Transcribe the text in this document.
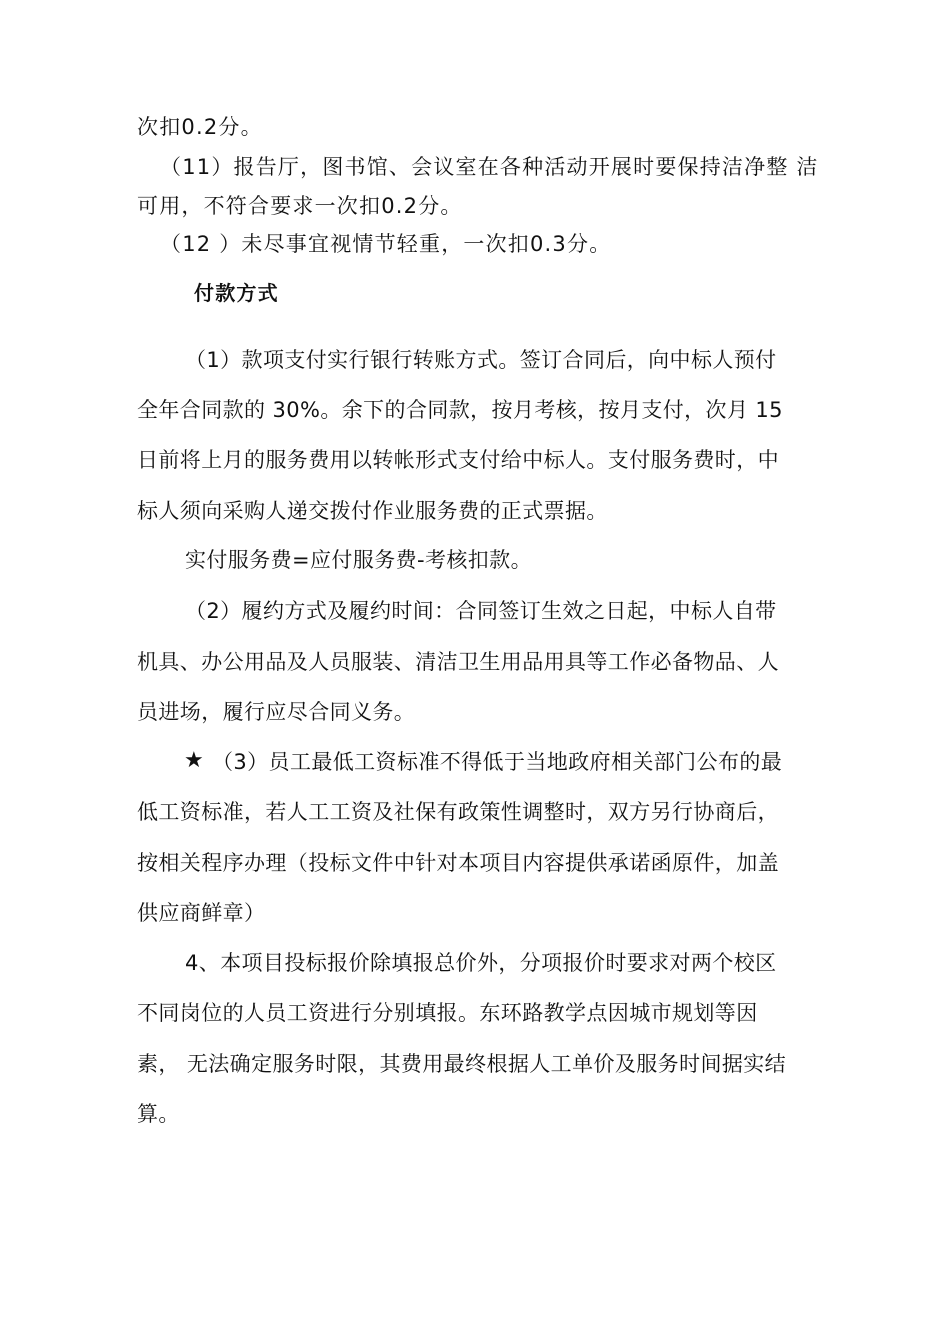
次扣0.2分。
（11）报告厅，图书馆、会议室在各种活动开展时要保持洁净整 洁
可用，不符合要求一次扣0.2分。
（12 ）未尽事宜视情节轻重，一次扣0.3分。
付款方式
（1）款项支付实行银行转账方式。签订合同后，向中标人预付
全年合同款的 30%。余下的合同款，按月考核，按月支付，次月 15
日前将上月的服务费用以转帐形式支付给中标人。支付服务费时，中
标人须向采购人递交拨付作业服务费的正式票据。
实付服务费=应付服务费-考核扣款。
（2）履约方式及履约时间：合同签订生效之日起，中标人自带
机具、办公用品及人员服装、清洁卫生用品用具等工作必备物品、人
员进场，履行应尽合同义务。
★ （3）员工最低工资标准不得低于当地政府相关部门公布的最
低工资标准，若人工工资及社保有政策性调整时，双方另行协商后，
按相关程序办理（投标文件中针对本项目内容提供承诺函原件，加盖
供应商鲜章）
4、本项目投标报价除填报总价外，分项报价时要求对两个校区
不同岗位的人员工资进行分别填报。东环路教学点因城市规划等因
素， 无法确定服务时限，其费用最终根据人工单价及服务时间据实结
算。
